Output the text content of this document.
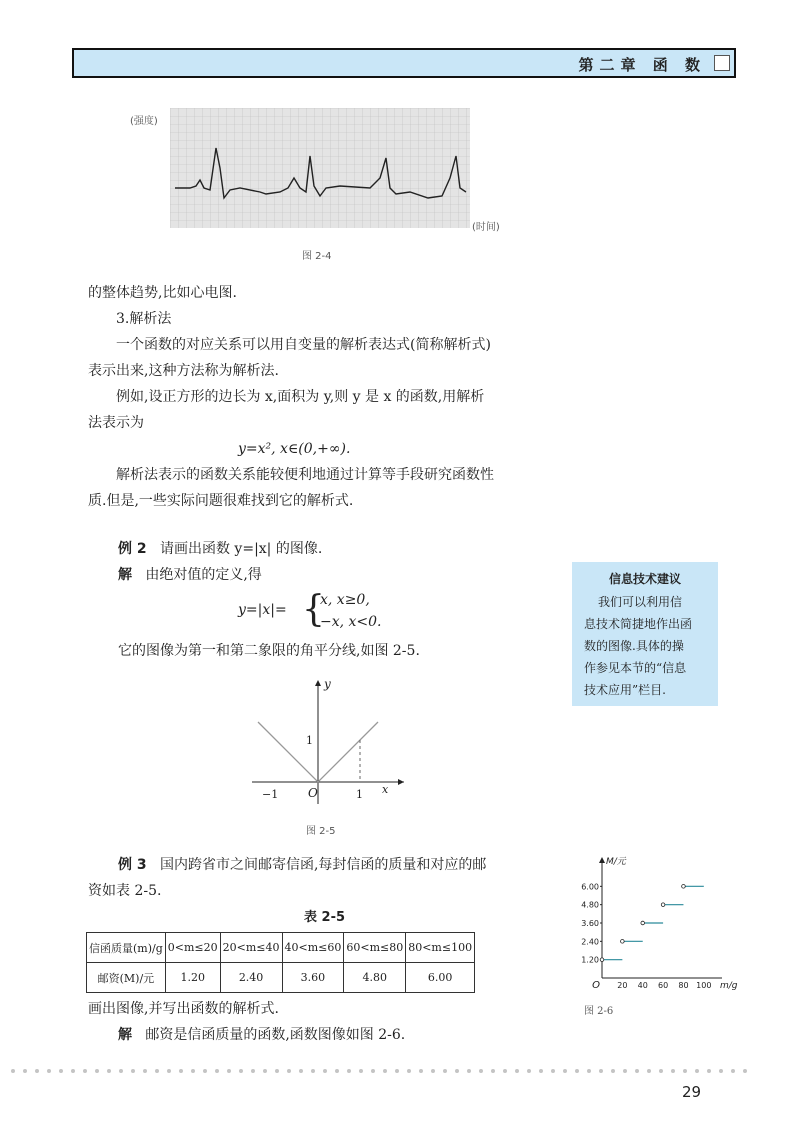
第二章 函 数
(强度)
(时间)
图 2-4
的整体趋势,比如心电图.
3.解析法
一个函数的对应关系可以用自变量的解析表达式(简称解析式)
表示出来,这种方法称为解析法.
例如,设正方形的边长为 x,面积为 y,则 y 是 x 的函数,用解析
法表示为
y=x², x∈(0,+∞).
解析法表示的函数关系能较便利地通过计算等手段研究函数性
质.但是,一些实际问题很难找到它的解析式.
例 2 请画出函数 y=|x| 的图像.
解 由绝对值的定义,得
y=|x|= {
x, x≥0,
−x, x<0.
它的图像为第一和第二象限的角平分线,如图 2-5.
y
x
1
O	1
−1
图 2-5
信息技术建议
我们可以利用信
息技术简捷地作出函
数的图像.具体的操
作参见本节的“信息
技术应用”栏目.
例 3 国内跨省市之间邮寄信函,每封信函的质量和对应的邮
资如表 2-5.
表 2-5
信函质量(m)/g	0<m≤20	20<m≤40	40<m≤60	60<m≤80	80<m≤100
邮资(M)/元	1.20	2.40	3.60	4.80	6.00
画出图像,并写出函数的解析式.
解 邮资是信函质量的函数,函数图像如图 2-6.
M/元
m/g
O 20 40 60 80 100
1.20
2.40
3.60
4.80
6.00
图 2-6
29
